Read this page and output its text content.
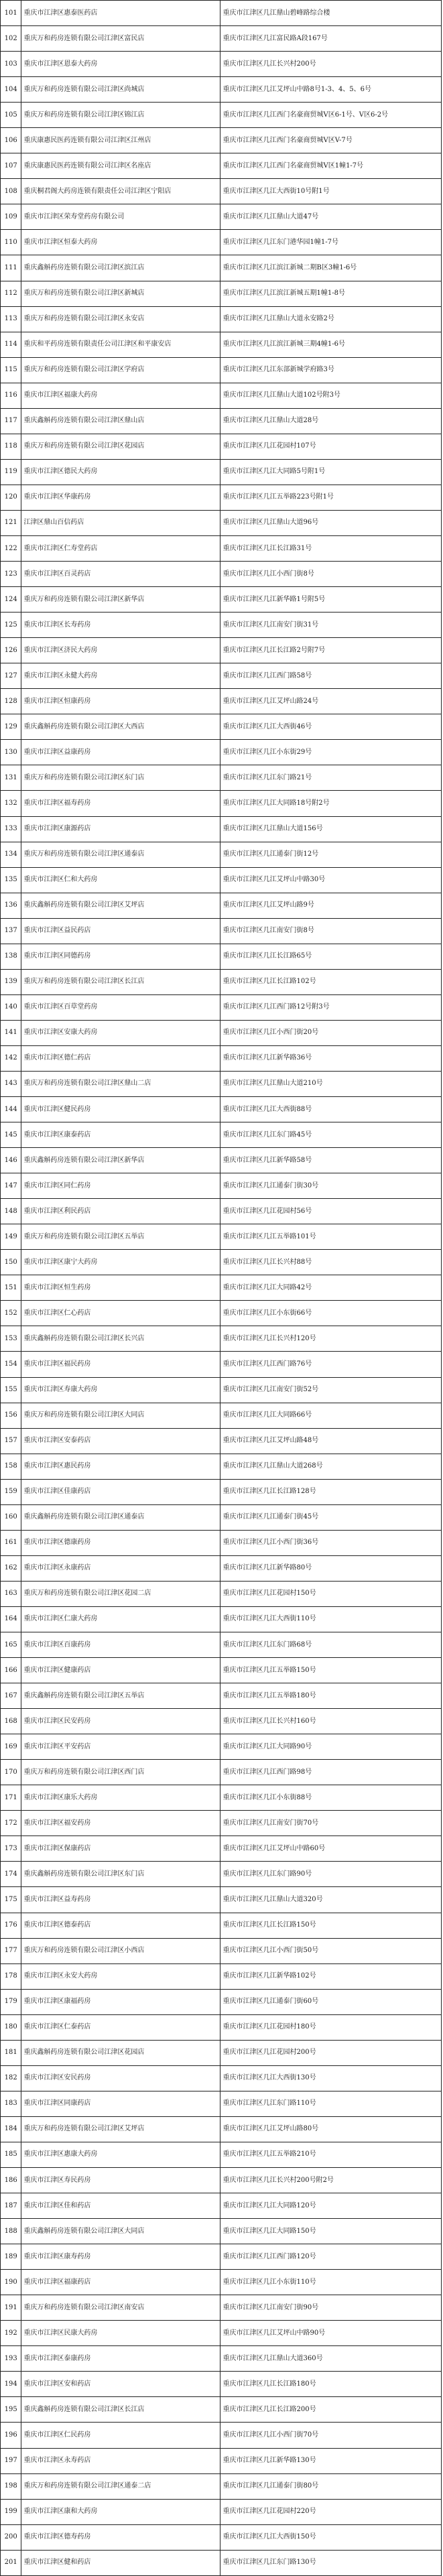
101	重庆市江津区惠泰医药店	重庆市江津区几江鼎山碧峰路综合楼
102	重庆万和药房连锁有限公司江津区富民店	重庆市江津区几江富民路A段167号
103	重庆市江津区恩泰大药房	重庆市江津区几江长兴村200号
104	重庆万和药房连锁有限公司江津区尚城店	重庆市江津区几江艾坪山中路8号1-3、4、5、6号
105	重庆万和药房连锁有限公司江津区锦江店	重庆市江津区几江西门名豪商贸城V区6-1号、V区6-2号
106	重庆康惠民医药连锁有限公司江津区江州店	重庆市江津区几江西门名豪商贸城V区V-7号
107	重庆康惠民医药连锁有限公司江津区名座店	重庆市江津区几江西门名豪商贸城V区1幢1-7号
108	重庆桐君阁大药房连锁有限责任公司江津区宁阳店	重庆市江津区几江大西街10号附1号
109	重庆市江津区荣寿堂药房有限公司	重庆市江津区几江鼎山大道47号
110	重庆市江津区恒泰大药房	重庆市江津区几江东门港华园1幢1-7号
111	重庆鑫斛药房连锁有限公司江津区滨江店	重庆市江津区几江滨江新城二期B区3幢1-6号
112	重庆万和药房连锁有限公司江津区新城店	重庆市江津区几江滨江新城五期1幢1-8号
113	重庆万和药房连锁有限公司江津区永安店	重庆市江津区几江鼎山大道永安路2号
114	重庆和平药房连锁有限责任公司江津区和平康安店	重庆市江津区几江滨江新城三期4幢1-6号
115	重庆万和药房连锁有限公司江津区学府店	重庆市江津区几江东部新城学府路3号
116	重庆市江津区福康大药房	重庆市江津区几江鼎山大道102号附3号
117	重庆鑫斛药房连锁有限公司江津区鼎山店	重庆市江津区几江鼎山大道28号
118	重庆万和药房连锁有限公司江津区花园店	重庆市江津区几江花园村107号
119	重庆市江津区德民大药房	重庆市江津区几江大同路5号附1号
120	重庆市江津区华康药房	重庆市江津区几江五举路223号附1号
121	江津区鼎山百信药店	重庆市江津区几江鼎山大道96号
122	重庆市江津区仁寿堂药店	重庆市江津区几江长江路31号
123	重庆市江津区百灵药店	重庆市江津区几江小西门街8号
124	重庆万和药房连锁有限公司江津区新华店	重庆市江津区几江新华路1号附5号
125	重庆市江津区长寿药房	重庆市江津区几江南安门街31号
126	重庆市江津区济民大药房	重庆市江津区几江长江路2号附7号
127	重庆市江津区永健大药房	重庆市江津区几江西门路58号
128	重庆市江津区恒康药房	重庆市江津区几江艾坪山路24号
129	重庆鑫斛药房连锁有限公司江津区大西店	重庆市江津区几江大西街46号
130	重庆市江津区益康药房	重庆市江津区几江小东街29号
131	重庆万和药房连锁有限公司江津区东门店	重庆市江津区几江东门路21号
132	重庆市江津区福寿药房	重庆市江津区几江大同路18号附2号
133	重庆市江津区康源药店	重庆市江津区几江鼎山大道156号
134	重庆万和药房连锁有限公司江津区通泰店	重庆市江津区几江通泰门街12号
135	重庆市江津区仁和大药房	重庆市江津区几江艾坪山中路30号
136	重庆鑫斛药房连锁有限公司江津区艾坪店	重庆市江津区几江艾坪山路9号
137	重庆市江津区益民药店	重庆市江津区几江南安门街8号
138	重庆市江津区同德药房	重庆市江津区几江长江路65号
139	重庆万和药房连锁有限公司江津区长江店	重庆市江津区几江长江路102号
140	重庆市江津区百草堂药房	重庆市江津区几江西门路12号附3号
141	重庆市江津区安康大药房	重庆市江津区几江小西门街20号
142	重庆市江津区德仁药店	重庆市江津区几江新华路36号
143	重庆万和药房连锁有限公司江津区鼎山二店	重庆市江津区几江鼎山大道210号
144	重庆市江津区健民药房	重庆市江津区几江大西街88号
145	重庆市江津区康泰药店	重庆市江津区几江东门路45号
146	重庆鑫斛药房连锁有限公司江津区新华店	重庆市江津区几江新华路58号
147	重庆市江津区同仁药房	重庆市江津区几江通泰门街30号
148	重庆市江津区利民药店	重庆市江津区几江花园村56号
149	重庆万和药房连锁有限公司江津区五举店	重庆市江津区几江五举路101号
150	重庆市江津区康宁大药房	重庆市江津区几江长兴村88号
151	重庆市江津区恒生药房	重庆市江津区几江大同路42号
152	重庆市江津区仁心药店	重庆市江津区几江小东街66号
153	重庆鑫斛药房连锁有限公司江津区长兴店	重庆市江津区几江长兴村120号
154	重庆市江津区福民药房	重庆市江津区几江西门路76号
155	重庆市江津区寿康大药房	重庆市江津区几江南安门街52号
156	重庆万和药房连锁有限公司江津区大同店	重庆市江津区几江大同路66号
157	重庆市江津区安泰药店	重庆市江津区几江艾坪山路48号
158	重庆市江津区惠民药房	重庆市江津区几江鼎山大道268号
159	重庆市江津区佳康药店	重庆市江津区几江长江路128号
160	重庆鑫斛药房连锁有限公司江津区通泰店	重庆市江津区几江通泰门街45号
161	重庆市江津区德康药房	重庆市江津区几江小西门街36号
162	重庆市江津区永康药店	重庆市江津区几江新华路80号
163	重庆万和药房连锁有限公司江津区花园二店	重庆市江津区几江花园村150号
164	重庆市江津区仁康大药房	重庆市江津区几江大西街110号
165	重庆市江津区百康药房	重庆市江津区几江东门路68号
166	重庆市江津区健康药店	重庆市江津区几江五举路150号
167	重庆鑫斛药房连锁有限公司江津区五举店	重庆市江津区几江五举路180号
168	重庆市江津区民安药房	重庆市江津区几江长兴村160号
169	重庆市江津区平安药店	重庆市江津区几江大同路90号
170	重庆万和药房连锁有限公司江津区西门店	重庆市江津区几江西门路98号
171	重庆市江津区康乐大药房	重庆市江津区几江小东街88号
172	重庆市江津区福安药房	重庆市江津区几江南安门街70号
173	重庆市江津区保康药店	重庆市江津区几江艾坪山中路60号
174	重庆鑫斛药房连锁有限公司江津区东门店	重庆市江津区几江东门路90号
175	重庆市江津区益寿药房	重庆市江津区几江鼎山大道320号
176	重庆市江津区德泰药店	重庆市江津区几江长江路150号
177	重庆万和药房连锁有限公司江津区小西店	重庆市江津区几江小西门街50号
178	重庆市江津区永安大药房	重庆市江津区几江新华路102号
179	重庆市江津区康福药房	重庆市江津区几江通泰门街60号
180	重庆市江津区仁泰药店	重庆市江津区几江花园村180号
181	重庆鑫斛药房连锁有限公司江津区花园店	重庆市江津区几江花园村200号
182	重庆市江津区安民药房	重庆市江津区几江大西街130号
183	重庆市江津区同康药店	重庆市江津区几江东门路110号
184	重庆万和药房连锁有限公司江津区艾坪店	重庆市江津区几江艾坪山路80号
185	重庆市江津区惠康大药房	重庆市江津区几江五举路210号
186	重庆市江津区寿民药房	重庆市江津区几江长兴村200号附2号
187	重庆市江津区佳和药店	重庆市江津区几江大同路120号
188	重庆鑫斛药房连锁有限公司江津区大同店	重庆市江津区几江大同路150号
189	重庆市江津区康寿药房	重庆市江津区几江西门路120号
190	重庆市江津区福康药店	重庆市江津区几江小东街110号
191	重庆万和药房连锁有限公司江津区南安店	重庆市江津区几江南安门街90号
192	重庆市江津区民康大药房	重庆市江津区几江艾坪山中路90号
193	重庆市江津区泰康药房	重庆市江津区几江鼎山大道360号
194	重庆市江津区安和药店	重庆市江津区几江长江路180号
195	重庆鑫斛药房连锁有限公司江津区长江店	重庆市江津区几江长江路200号
196	重庆市江津区仁民药房	重庆市江津区几江小西门街70号
197	重庆市江津区永寿药店	重庆市江津区几江新华路130号
198	重庆万和药房连锁有限公司江津区通泰二店	重庆市江津区几江通泰门街80号
199	重庆市江津区康和大药房	重庆市江津区几江花园村220号
200	重庆市江津区德寿药房	重庆市江津区几江大西街150号
201	重庆市江津区健和药店	重庆市江津区几江东门路130号
